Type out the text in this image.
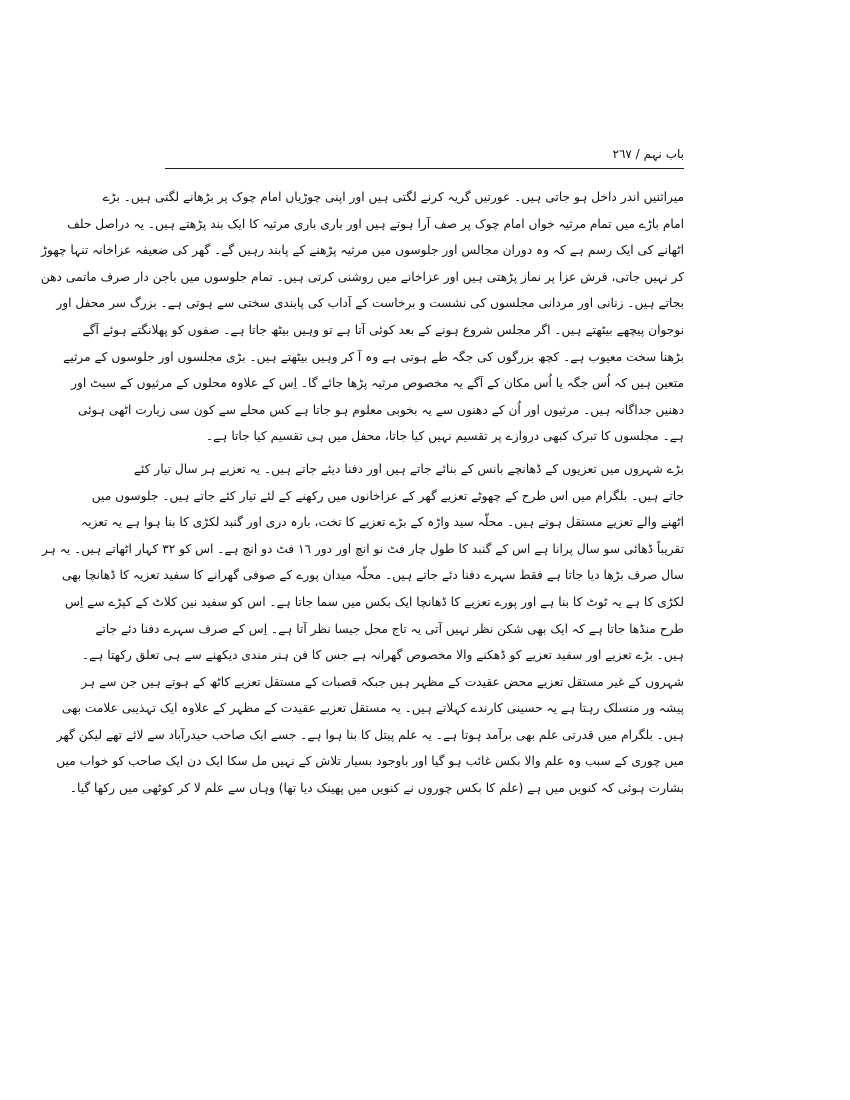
باب نہم / ٢٦٧
میراثنیں اندر داخل ہو جاتی ہیں۔ عورتیں گریہ کرنے لگتی ہیں اور اپنی چوڑیاں امام چوک پر بڑھانے لگتی ہیں۔ بڑے
امام باڑے میں تمام مرثیہ خواں امام چوک پر صف آرا ہوتے ہیں اور باری باری مرثیہ کا ایک بند پڑھتے ہیں۔ یہ دراصل حلف
اٹھانے کی ایک رسم ہے کہ وہ دوران مجالس اور جلوسوں میں مرثیہ پڑھنے کے پابند رہیں گے۔ گھر کی ضعیفہ عزاخانہ تنہا چھوڑ
کر نہیں جاتی، فرش عزا پر نماز پڑھتی ہیں اور عزاخانے میں روشنی کرتی ہیں۔ تمام جلوسوں میں باجن دار صرف ماتمی دھن
بجاتے ہیں۔ زنانی اور مردانی مجلسوں کی نشست و برخاست کے آداب کی پابندی سختی سے ہوتی ہے۔ بزرگ سر محفل اور
نوجوان پیچھے بیٹھتے ہیں۔ اگر مجلس شروع ہونے کے بعد کوئی آتا ہے تو وہیں بیٹھ جاتا ہے۔ صفوں کو پھلانگتے ہوئے آگے
بڑھنا سخت معیوب ہے۔ کچھ بزرگوں کی جگہ طے ہوتی ہے وہ آ کر وہیں بیٹھتے ہیں۔ بڑی مجلسوں اور جلوسوں کے مرثیے
متعین ہیں کہ اُس جگہ یا اُس مکان کے آگے یہ مخصوص مرثیہ پڑھا جائے گا۔ اِس کے علاوہ محلوں کے مرثیوں کے سیٹ اور
دھنیں جداگانہ ہیں۔ مرثیوں اور اُن کے دھنوں سے یہ بخوبی معلوم ہو جاتا ہے کس محلے سے کون سی زیارت اٹھی ہوئی
ہے۔ مجلسوں کا تبرک کبھی دروازے پر تقسیم نہیں کیا جاتا، محفل میں ہی تقسیم کیا جاتا ہے۔
بڑے شہروں میں تعزیوں کے ڈھانچے بانس کے بنائے جاتے ہیں اور دفنا دیئے جاتے ہیں۔ یہ تعزیے ہر سال تیار کئے
جاتے ہیں۔ بلگرام میں اس طرح کے چھوٹے تعزیے گھر کے عزاخانوں میں رکھنے کے لئے تیار کئے جاتے ہیں۔ جلوسوں میں
اٹھنے والے تعزیے مستقل ہوتے ہیں۔ محلّہ سید واڑہ کے بڑے تعزیے کا تخت، بارہ دری اور گنبد لکڑی کا بنا ہوا ہے یہ تعزیہ
تقریباً ڈھائی سو سال پرانا ہے اس کے گنبد کا طول چار فٹ نو انچ اور دور ١٦ فٹ دو انچ ہے۔ اس کو ٣٢ کہار اٹھاتے ہیں۔ یہ ہر
سال صرف بڑھا دیا جاتا ہے فقط سہرے دفنا دئے جاتے ہیں۔ محلّہ میدان پورے کے صوفی گھرانے کا سفید تعزیہ کا ڈھانچا بھی
لکڑی کا ہے یہ ٹوٹ کا بنا ہے اور پورے تعزیے کا ڈھانچا ایک بکس میں سما جاتا ہے۔ اس کو سفید نین کلاٹ کے کپڑے سے اِس
طرح منڈھا جاتا ہے کہ ایک بھی شکن نظر نہیں آتی یہ تاج محل جیسا نظر آتا ہے۔ اِس کے صرف سہرے دفنا دئے جاتے
ہیں۔ بڑے تعزیے اور سفید تعزیے کو ڈھکنے والا مخصوص گھرانہ ہے جس کا فن ہنر مندی دیکھنے سے ہی تعلق رکھتا ہے۔
شہروں کے غیر مستقل تعزیے محض عقیدت کے مظہر ہیں جبکہ قصبات کے مستقل تعزیے کاٹھ کے ہوتے ہیں جن سے ہر
پیشہ ور منسلک رہتا ہے یہ حسینی کارندے کہلاتے ہیں۔ یہ مستقل تعزیے عقیدت کے مظہر کے علاوہ ایک تہذیبی علامت بھی
ہیں۔ بلگرام میں قدرتی علم بھی برآمد ہوتا ہے۔ یہ علم پیتل کا بنا ہوا ہے۔ جسے ایک صاحب حیدرآباد سے لائے تھے لیکن گھر
میں چوری کے سبب وہ علم والا بکس غائب ہو گیا اور باوجود بسیار تلاش کے نہیں مل سکا ایک دن ایک صاحب کو خواب میں
بشارت ہوئی کہ کنویں میں ہے (علم کا بکس چوروں نے کنویں میں پھینک دیا تھا) وہاں سے علم لا کر کوٹھی میں رکھا گیا۔
